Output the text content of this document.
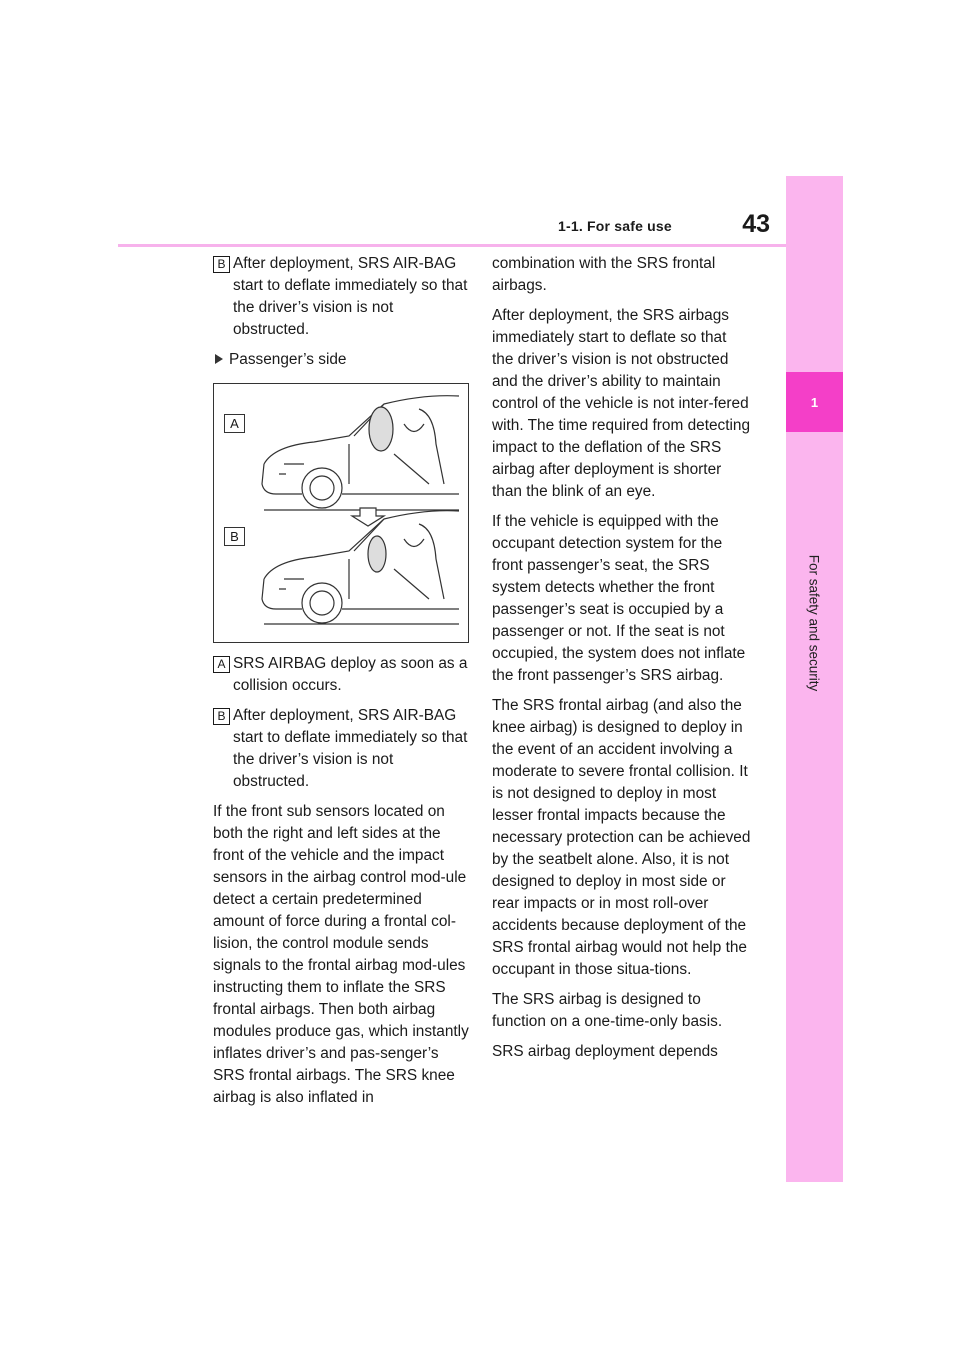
1-1. For safe use	43
1
For safety and security
B After deployment, SRS AIR-BAG start to deflate immediately so that the driver’s vision is not obstructed.
Passenger’s side
A
B
A SRS AIRBAG deploy as soon as a collision occurs.
B After deployment, SRS AIR-BAG start to deflate immediately so that the driver’s vision is not obstructed.

If the front sub sensors located on both the right and left sides at the front of the vehicle and the impact sensors in the airbag control mod-ule detect a certain predetermined amount of force during a frontal col-lision, the control module sends signals to the frontal airbag mod-ules instructing them to inflate the SRS frontal airbags. Then both airbag modules produce gas, which instantly inflates driver’s and pas-senger’s SRS frontal airbags. The SRS knee airbag is also inflated in

combination with the SRS frontal airbags.

After deployment, the SRS airbags immediately start to deflate so that the driver’s vision is not obstructed and the driver’s ability to maintain control of the vehicle is not inter-fered with. The time required from detecting impact to the deflation of the SRS airbag after deployment is shorter than the blink of an eye.

If the vehicle is equipped with the occupant detection system for the front passenger’s seat, the SRS system detects whether the front passenger’s seat is occupied by a passenger or not. If the seat is not occupied, the system does not inflate the front passenger’s SRS airbag.

The SRS frontal airbag (and also the knee airbag) is designed to deploy in the event of an accident involving a moderate to severe frontal collision. It is not designed to deploy in most lesser frontal impacts because the necessary protection can be achieved by the seatbelt alone. Also, it is not designed to deploy in most side or rear impacts or in most roll-over accidents because deployment of the SRS frontal airbag would not help the occupant in those situa-tions.

The SRS airbag is designed to function on a one-time-only basis.

SRS airbag deployment depends
